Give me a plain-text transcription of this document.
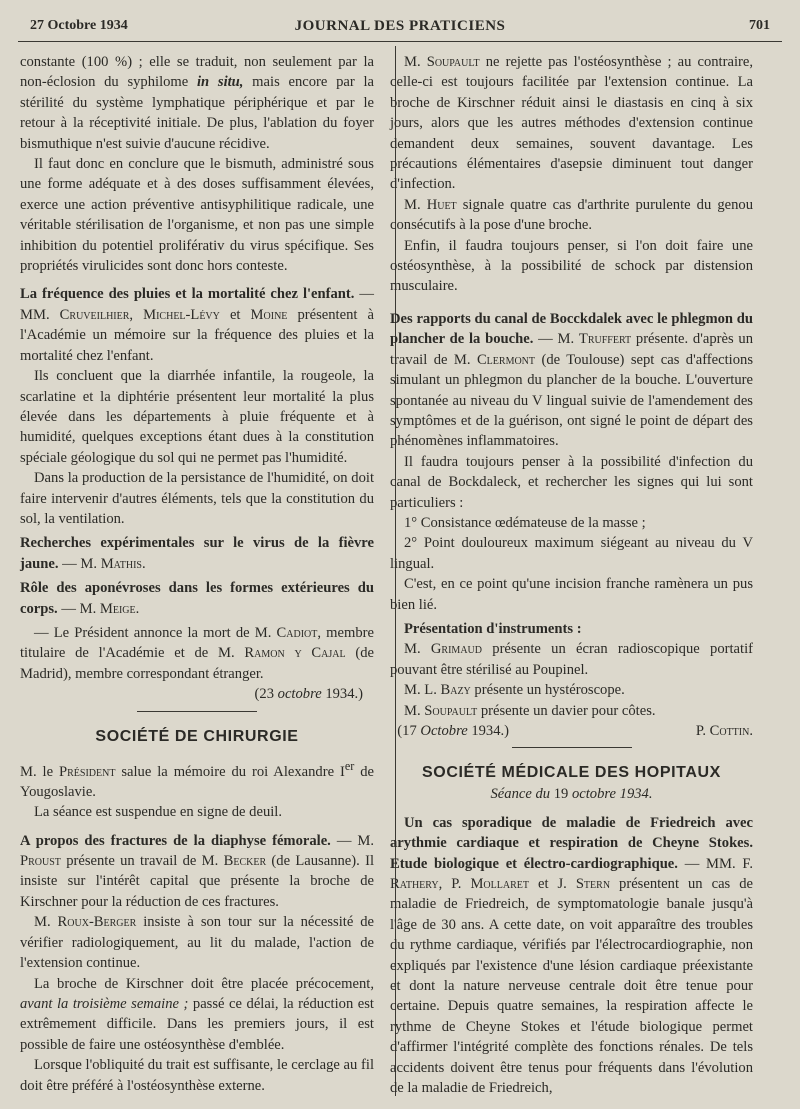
27 Octobre 1934	JOURNAL DES PRATICIENS	701

constante (100 %) ; elle se traduit, non seulement par la non-éclosion du syphilome in situ, mais encore par la stérilité du système lymphatique périphérique et par le retour à la réceptivité initiale. De plus, l'ablation du foyer bismuthique n'est suivie d'aucune récidive.

Il faut donc en conclure que le bismuth, administré sous une forme adéquate et à des doses suffisamment élevées, exerce une action préventive antisyphilitique radicale, une véritable stérilisation de l'organisme, et non pas une simple inhibition du potentiel proliférativ du virus spécifique. Ses propriétés virulicides sont donc hors conteste.

La fréquence des pluies et la mortalité chez l'enfant. — MM. Cruveilhier, Michel-Lévy et Moine présentent à l'Académie un mémoire sur la fréquence des pluies et la mortalité chez l'enfant.

Ils concluent que la diarrhée infantile, la rougeole, la scarlatine et la diphtérie présentent leur mortalité la plus élevée dans les départements à pluie fréquente et à humidité, quelques exceptions étant dues à la constitution spéciale géologique du sol qui ne permet pas l'humidité.

Dans la production de la persistance de l'humidité, on doit faire intervenir d'autres éléments, tels que la constitution du sol, la ventilation.

Recherches expérimentales sur le virus de la fièvre jaune. — M. Mathis.

Rôle des aponévroses dans les formes extérieures du corps. — M. Meige.

— Le Président annonce la mort de M. Cadiot, membre titulaire de l'Académie et de M. Ramon y Cajal (de Madrid), membre correspondant étranger.

(23 octobre 1934.)

SOCIÉTÉ DE CHIRURGIE

M. le Président salue la mémoire du roi Alexandre Ier de Yougoslavie.

La séance est suspendue en signe de deuil.

A propos des fractures de la diaphyse fémorale. — M. Proust présente un travail de M. Becker (de Lausanne). Il insiste sur l'intérêt capital que présente la broche de Kirschner pour la réduction de ces fractures.

M. Roux-Berger insiste à son tour sur la nécessité de vérifier radiologiquement, au lit du malade, l'action de l'extension continue.

La broche de Kirschner doit être placée précocement, avant la troisième semaine ; passé ce délai, la réduction est extrêmement difficile. Dans les premiers jours, il est possible de faire une ostéosynthèse d'emblée.

Lorsque l'obliquité du trait est suffisante, le cerclage au fil doit être préféré à l'ostéosynthèse externe.

M. Soupault ne rejette pas l'ostéosynthèse ; au contraire, celle-ci est toujours facilitée par l'extension continue. La broche de Kirschner réduit ainsi le diastasis en cinq à six jours, alors que les autres méthodes d'extension continue demandent deux semaines, souvent davantage. Les précautions élémentaires d'asepsie diminuent tout danger d'infection.

M. Huet signale quatre cas d'arthrite purulente du genou consécutifs à la pose d'une broche.

Enfin, il faudra toujours penser, si l'on doit faire une ostéosynthèse, à la possibilité de schock par distension musculaire.

Des rapports du canal de Bocckdalek avec le phlegmon du plancher de la bouche. — M. Truffert présente. d'après un travail de M. Clermont (de Toulouse) sept cas d'affections simulant un phlegmon du plancher de la bouche. L'ouverture spontanée au niveau du V lingual suivie de l'amendement des symptômes et de la guérison, ont signé le point de départ des phénomènes inflammatoires.

Il faudra toujours penser à la possibilité d'infection du canal de Bockdaleck, et rechercher les signes qui lui sont particuliers :

1° Consistance œdémateuse de la masse ;

2° Point douloureux maximum siégeant au niveau du V lingual.

C'est, en ce point qu'une incision franche ramènera un pus bien lié.

Présentation d'instruments :

M. Grimaud présente un écran radioscopique portatif pouvant être stérilisé au Poupinel.

M. L. Bazy présente un hystéroscope.

M. Soupault présente un davier pour côtes.

(17 Octobre 1934.)	P. Cottin.

SOCIÉTÉ MÉDICALE DES HOPITAUX

Séance du 19 octobre 1934.

Un cas sporadique de maladie de Friedreich avec arythmie cardiaque et respiration de Cheyne Stokes. Etude biologique et électro-cardiographique. — MM. F. Rathery, P. Mollaret et J. Stern présentent un cas de maladie de Friedreich, de symptomatologie banale jusqu'à l'âge de 30 ans. A cette date, on voit apparaître des troubles du rythme cardiaque, vérifiés par l'électrocardiographie, non expliqués par l'existence d'une lésion cardiaque préexistante et dont la nature nerveuse centrale doit être tenue pour certaine. Depuis quatre semaines, la respiration affecte le rythme de Cheyne Stokes et l'étude biologique permet d'affirmer l'intégrité complète des fonctions rénales. De tels accidents doivent être tenus pour fréquents dans l'évolution de la maladie de Friedreich,
